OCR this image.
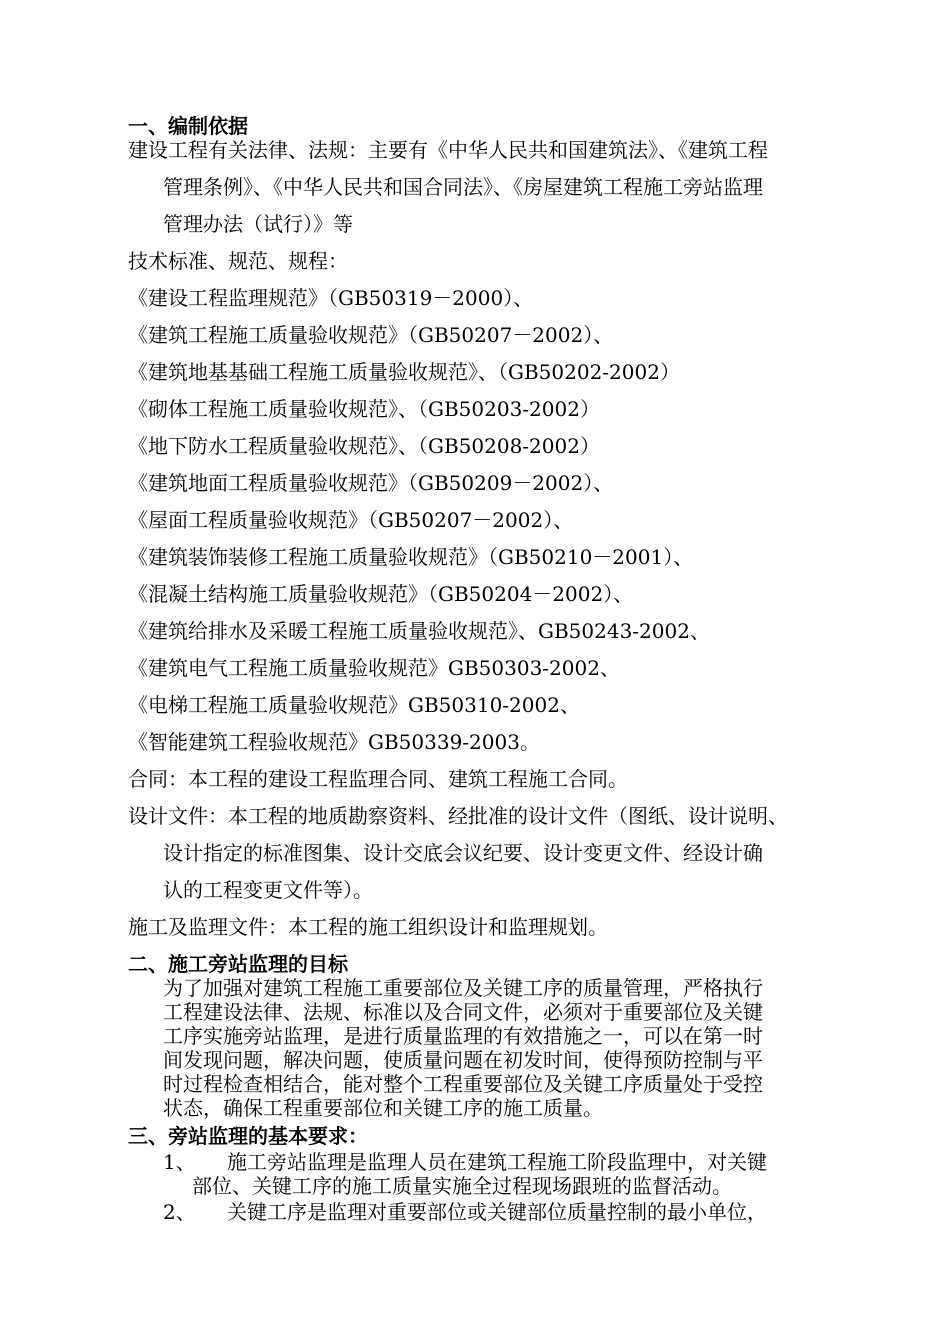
一、编制依据
建设工程有关法律、法规：主要有《中华人民共和国建筑法》、《建筑工程
管理条例》、《中华人民共和国合同法》、《房屋建筑工程施工旁站监理
管理办法（试行）》等
技术标准、规范、规程：
《建设工程监理规范》（GB50319－2000）、
《建筑工程施工质量验收规范》（GB50207－2002）、
《建筑地基基础工程施工质量验收规范》、（GB50202-2002）
《砌体工程施工质量验收规范》、（GB50203-2002）
《地下防水工程质量验收规范》、（GB50208-2002）
《建筑地面工程质量验收规范》（GB50209－2002）、
《屋面工程质量验收规范》（GB50207－2002）、
《建筑装饰装修工程施工质量验收规范》（GB50210－2001）、
《混凝土结构施工质量验收规范》（GB50204－2002）、
《建筑给排水及采暖工程施工质量验收规范》、GB50243-2002、
《建筑电气工程施工质量验收规范》GB50303-2002、
《电梯工程施工质量验收规范》GB50310-2002、
《智能建筑工程验收规范》GB50339-2003。
合同：本工程的建设工程监理合同、建筑工程施工合同。
设计文件：本工程的地质勘察资料、经批准的设计文件（图纸、设计说明、
设计指定的标准图集、设计交底会议纪要、设计变更文件、经设计确
认的工程变更文件等）。
施工及监理文件：本工程的施工组织设计和监理规划。
二、施工旁站监理的目标
为了加强对建筑工程施工重要部位及关键工序的质量管理，严格执行
工程建设法律、法规、标准以及合同文件，必须对于重要部位及关键
工序实施旁站监理，是进行质量监理的有效措施之一，可以在第一时
间发现问题，解决问题，使质量问题在初发时间，使得预防控制与平
时过程检查相结合，能对整个工程重要部位及关键工序质量处于受控
状态，确保工程重要部位和关键工序的施工质量。
三、旁站监理的基本要求：
1、 施工旁站监理是监理人员在建筑工程施工阶段监理中，对关键
部位、关键工序的施工质量实施全过程现场跟班的监督活动。
2、 关键工序是监理对重要部位或关键部位质量控制的最小单位，
